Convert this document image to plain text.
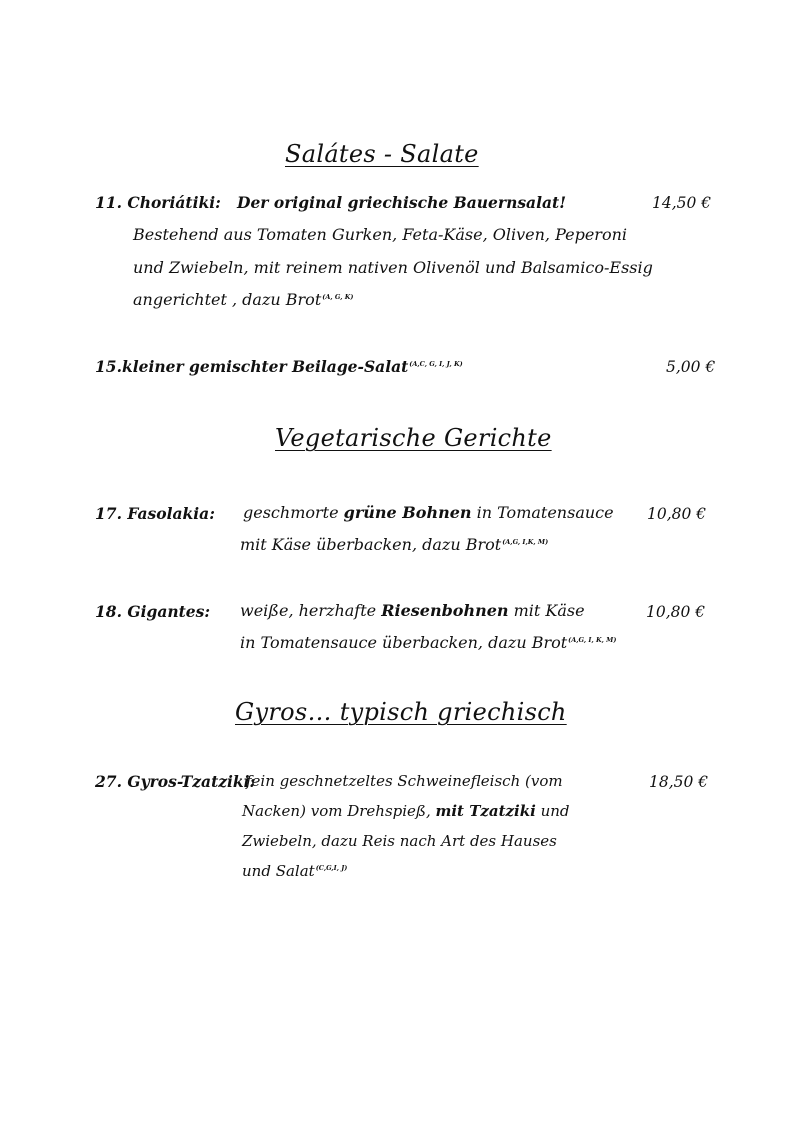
Salátes - Salate
11. Choriátiki: Der original griechische Bauernsalat!	14,50 €
Bestehend aus Tomaten Gurken, Feta-Käse, Oliven, Peperoni
und Zwiebeln, mit reinem nativen Olivenöl und Balsamico-Essig
angerichtet , dazu Brot$^{(A, G, K)}$
15.kleiner gemischter Beilage-Salat$^{(A,C, G, I, J, K)}$	5,00 €
Vegetarische Gerichte
17. Fasolakia: geschmorte grüne Bohnen in Tomatensauce 10,80 €
mit Käse überbacken, dazu Brot$^{(A,G, I,K, M)}$
18. Gigantes: weiße, herzhafte Riesenbohnen mit Käse	10,80 €
in Tomatensauce überbacken, dazu Brot$^{(A,G, I, K, M)}$
Gyros… typisch griechisch
27. Gyros-Tzatziki:
fein geschnetzeltes Schweinefleisch (vom	18,50 €
Nacken) vom Drehspieß, mit Tzatziki und
Zwiebeln, dazu Reis nach Art des Hauses
und Salat$^{(C,G,I, J)}$
